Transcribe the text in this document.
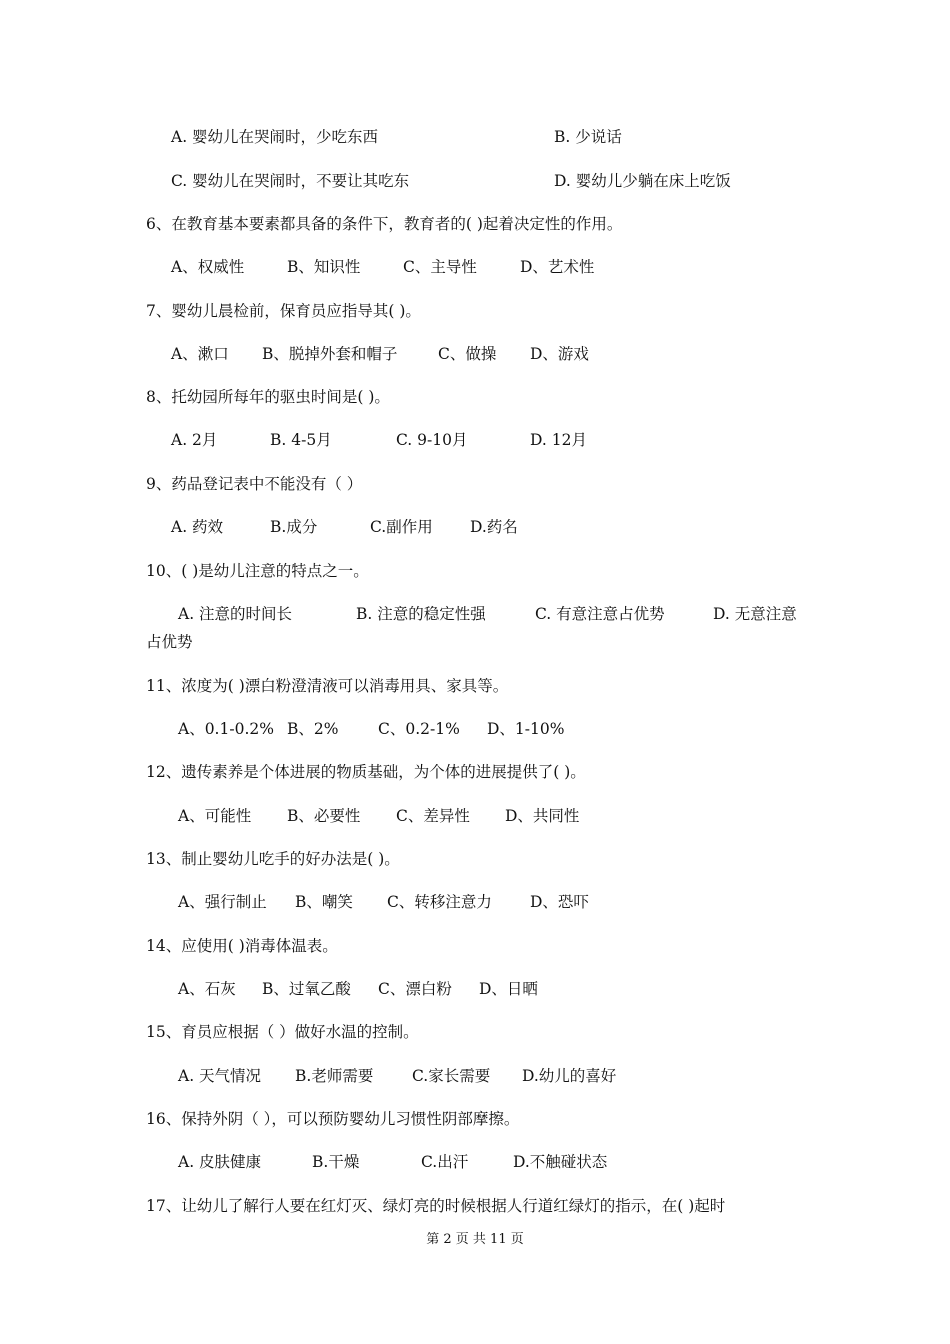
A. 婴幼儿在哭闹时，少吃东西	B. 少说话
C. 婴幼儿在哭闹时，不要让其吃东	D. 婴幼儿少躺在床上吃饭
6、在教育基本要素都具备的条件下，教育者的( )起着决定性的作用。
A、权威性	B、知识性	C、主导性	D、艺术性
7、婴幼儿晨检前，保育员应指导其( )。
A、漱口 B、脱掉外套和帽子	C、做操 D、游戏
8、托幼园所每年的驱虫时间是( )。
A. 2月	B. 4-5月	C. 9-10月	D. 12月
9、药品登记表中不能没有（ ）
A. 药效	B.成分	C.副作用 D.药名
10、( )是幼儿注意的特点之一。
A. 注意的时间长	B. 注意的稳定性强	C. 有意注意占优势	D. 无意注意
占优势
11、浓度为( )漂白粉澄清液可以消毒用具、家具等。
A、0.1-0.2% B、2%	C、0.2-1% D、1-10%
12、遗传素养是个体进展的物质基础，为个体的进展提供了( )。
A、可能性 B、必要性 C、差异性 D、共同性
13、制止婴幼儿吃手的好办法是( )。
A、强行制止 B、嘲笑 C、转移注意力 D、恐吓
14、应使用( )消毒体温表。
A、石灰 B、过氧乙酸 C、漂白粉 D、日晒
15、育员应根据（ ）做好水温的控制。
A. 天气情况 B.老师需要 C.家长需要 D.幼儿的喜好
16、保持外阴（ ），可以预防婴幼儿习惯性阴部摩擦。
A. 皮肤健康	B.干燥	C.出汗	D.不触碰状态
17、让幼儿了解行人要在红灯灭、绿灯亮的时候根据人行道红绿灯的指示，在( )起时
第 2 页 共 11 页
